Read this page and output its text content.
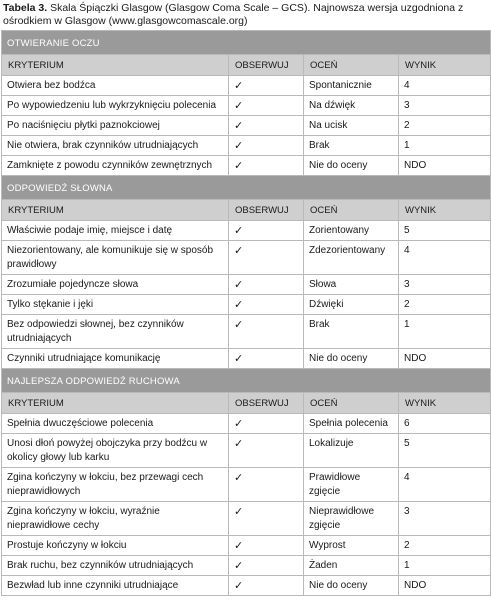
Tabela 3. Skala Śpiączki Glasgow (Glasgow Coma Scale – GCS). Najnowsza wersja uzgodniona z ośrodkiem w Glasgow (www.glasgowcomascale.org)
OTWIERANIE OCZU			
KRYTERIUM	OBSERWUJ	OCEŃ	WYNIK
Otwiera bez bodźca	✓	Spontanicznie	4
Po wypowiedzeniu lub wykrzyknięciu polecenia	✓	Na dźwięk	3
Po naciśnięciu płytki paznokciowej	✓	Na ucisk	2
Nie otwiera, brak czynników utrudniających	✓	Brak	1
Zamknięte z powodu czynników zewnętrznych	✓	Nie do oceny	NDO
ODPOWIEDŹ SŁOWNA			
KRYTERIUM	OBSERWUJ	OCEŃ	WYNIK
Właściwie podaje imię, miejsce i datę	✓	Zorientowany	5
Niezorientowany, ale komunikuje się w sposób prawidłowy	✓	Zdezorientowany	4
Zrozumiałe pojedyncze słowa	✓	Słowa	3
Tylko stękanie i jęki	✓	Dźwięki	2
Bez odpowiedzi słownej, bez czynników utrudniających	✓	Brak	1
Czynniki utrudniające komunikację	✓	Nie do oceny	NDO
NAJLEPSZA ODPOWIEDŹ RUCHOWA			
KRYTERIUM	OBSERWUJ	OCEŃ	WYNIK
Spełnia dwuczęściowe polecenia	✓	Spełnia polecenia	6
Unosi dłoń powyżej obojczyka przy bodźcu w okolicy głowy lub karku	✓	Lokalizuje	5
Zgina kończyny w łokciu, bez przewagi cech nieprawidłowych	✓	Prawidłowe zgięcie	4
Zgina kończyny w łokciu, wyraźnie nieprawidłowe cechy	✓	Nieprawidłowe zgięcie	3
Prostuje kończyny w łokciu	✓	Wyprost	2
Brak ruchu, bez czynników utrudniających	✓	Żaden	1
Bezwład lub inne czynniki utrudniające	✓	Nie do oceny	NDO
